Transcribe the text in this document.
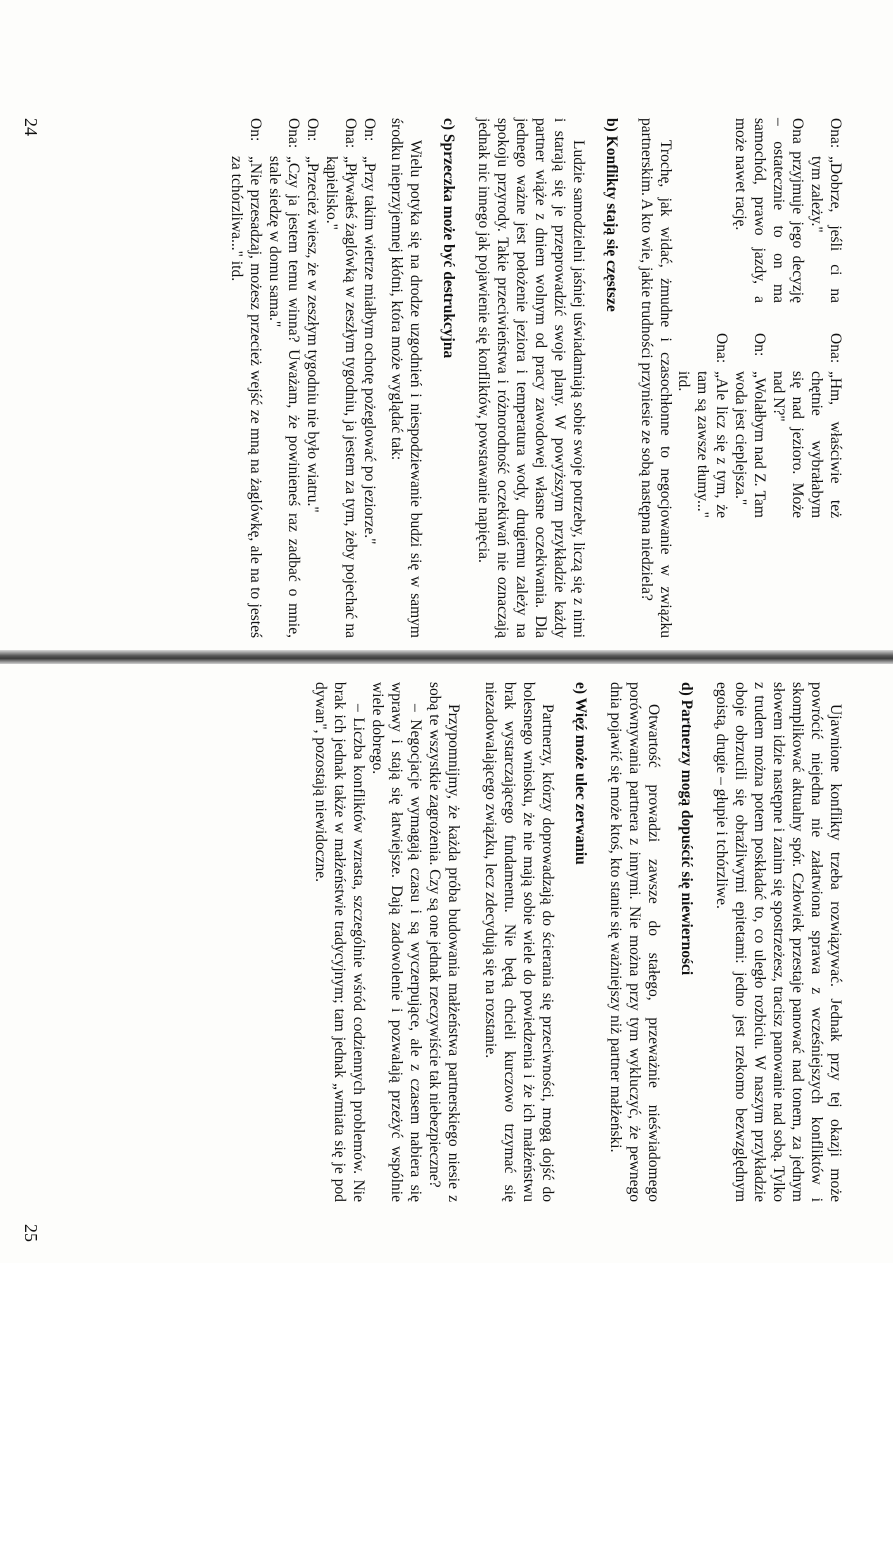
24	Ona:„Dobrze, jeśli ci na tym zależy."

Ona przyjmuje jego decyzję – ostatecznie to on ma samochód, prawo jazdy, a może nawet rację.

Ona:„Hm, właściwie też chętnie wybrałabym się nad jezioro. Może nad N?"

On:„Wolałbym nad Z. Tam woda jest cieplejsza."

Ona:„Ale licz się z tym, że tam są zawsze tłumy..." itd.

Trochę, jak widać, żmudne i czasochłonne to negocjowanie w związku partnerskim. A kto wie, jakie trudności przyniesie ze sobą następna niedziela?

b) Konflikty stają się częstsze

Ludzie samodzielni jaśniej uświadamiają sobie swoje potrzeby, liczą się z nimi i starają się je przeprowadzić swoje plany. W powyższym przykładzie każdy partner wiąże z dniem wolnym od pracy zawodowej własne oczekiwania. Dla jednego ważne jest położenie jeziora i temperatura wody, drugiemu zależy na spokoju przyrody. Takie przeciwieństwa i różnorodność oczekiwań nie oznaczają jednak nic innego jak pojawienie się konfliktów, powstawanie napięcia.

c) Sprzeczka może być destrukcyjna

Wielu potyka się na drodze uzgodnień i niespodziewanie budzi się w samym środku nieprzyjemnej kłótni, która może wyglądać tak:

On:„Przy takim wietrze miałbym ochotę pożeglować po jeziorze."

Ona:„Pływałeś żaglówką w zeszłym tygodniu, ja jestem za tym, żeby pojechać na kąpielisko."

On:„Przecież wiesz, że w zeszłym tygodniu nie było wiatru."

Ona:„Czy ja jestem temu winna? Uważam, że powinieneś raz zadbać o mnie, stale siedzę w domu sama."

On:„Nie przesadzaj, możesz przecież wejść ze mną na żaglówkę, ale na to jesteś za tchórzliwa..." itd.

25

Ujawnione konflikty trzeba rozwiązywać. Jednak przy tej okazji może powrócić niejedna nie załatwiona sprawa z wcześniejszych konfliktów i skomplikować aktualny spór. Człowiek przestaje panować nad tonem, za jednym słowem idzie następne i zanim się spostrzeżesz, tracisz panowanie nad sobą. Tylko z trudem można potem poskładać to, co uległo rozbiciu. W naszym przykładzie oboje obrzucili się obraźliwymi epitetami: jedno jest rzekomo bezwzględnym egoistą, drugie – głupie i tchórzliwe.

d) Partnerzy mogą dopuścić się niewierności

Otwartość prowadzi zawsze do stałego, przeważnie nieświadomego porównywania partnera z innymi. Nie można przy tym wykluczyć, że pewnego dnia pojawić się może ktoś, kto stanie się ważniejszy niż partner małżeński.

e) Więź może ulec zerwaniu

Partnerzy, którzy doprowadzają do ścierania się przeciwności, mogą dojść do bolesnego wniosku, że nie mają sobie wiele do powiedzenia i że ich małżeństwu brak wystarczającego fundamentu. Nie będą chcieli kurczowo trzymać się niezadowalającego związku, lecz zdecydują się na rozstanie.

Przypomnijmy, że każda próba budowania małżeństwa partnerskiego niesie z sobą te wszystkie zagrożenia. Czy są one jednak rzeczywiście tak niebezpieczne?

– Negocjacje wymagają czasu i są wyczerpujące, ale z czasem nabiera się wprawy i stają się łatwiejsze. Dają zadowolenie i pozwalają przeżyć wspólnie wiele dobrego.

– Liczba konfliktów wzrasta, szczególnie wśród codziennych problemów. Nie brak ich jednak także w małżeństwie tradycyjnym; tam jednak „wmiata się je pod dywan", pozostają niewidoczne.
